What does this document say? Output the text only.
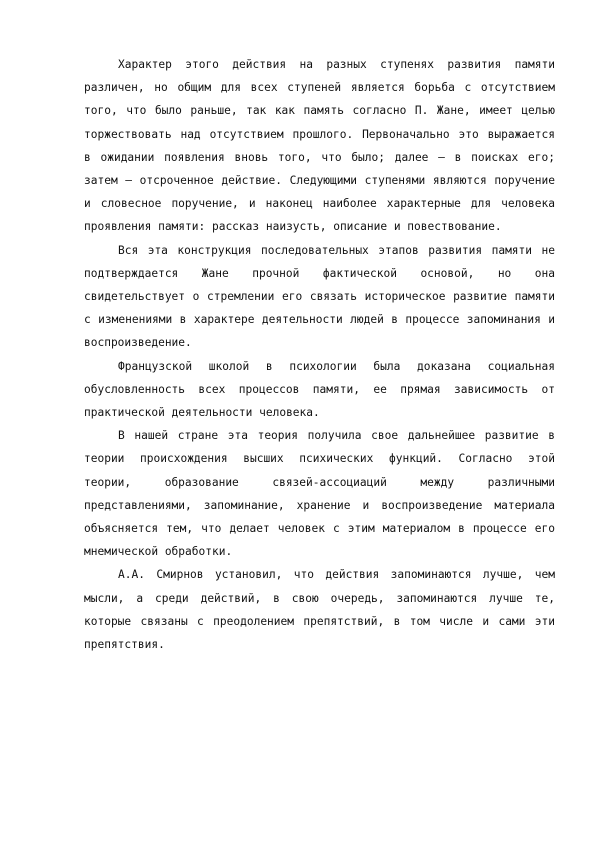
Характер этого действия на разных ступенях развития памяти различен, но общим для всех ступеней является борьба с отсутствием того, что было раньше, так как память согласно П. Жане, имеет целью торжествовать над отсутствием прошлого. Первоначально это выражается в ожидании появления вновь того, что было; далее – в поисках его; затем – отсроченное действие. Следующими ступенями являются поручение и словесное поручение, и наконец наиболее характерные для человека проявления памяти: рассказ наизусть, описание и повествование.

Вся эта конструкция последовательных этапов развития памяти не подтверждается Жане прочной фактической основой, но она свидетельствует о стремлении его связать историческое развитие памяти с изменениями в характере деятельности людей в процессе запоминания и воспроизведение.

Французской школой в психологии была доказана социальная обусловленность всех процессов памяти, ее прямая зависимость от практической деятельности человека.

В нашей стране эта теория получила свое дальнейшее развитие в теории происхождения высших психических функций. Согласно этой теории, образование связей-ассоциаций между различными представлениями, запоминание, хранение и воспроизведение материала объясняется тем, что делает человек с этим материалом в процессе его мнемической обработки.

А.А. Смирнов установил, что действия запоминаются лучше, чем мысли, а среди действий, в свою очередь, запоминаются лучше те, которые связаны с преодолением препятствий, в том числе и сами эти препятствия.
